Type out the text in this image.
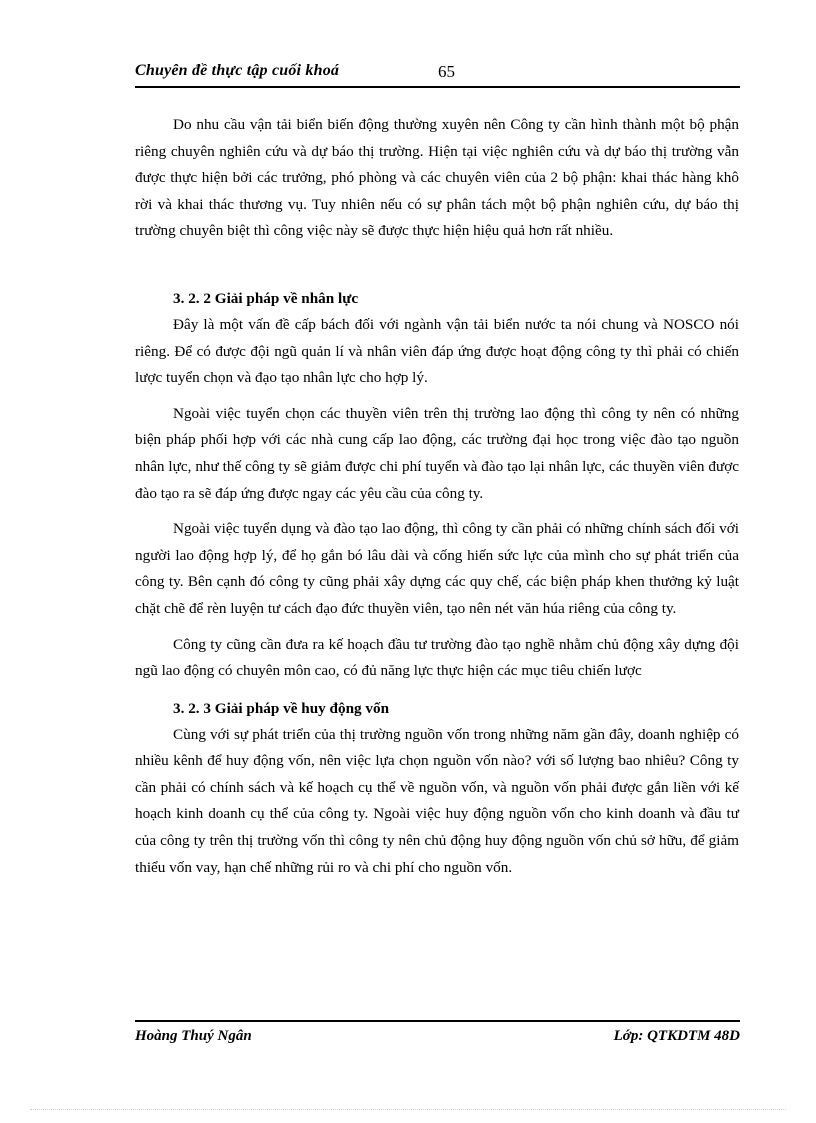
Chuyên đề thực tập cuối khoá	65

Do nhu cầu vận tải biển biến động thường xuyên nên Công ty cần hình thành một bộ phận riêng chuyên nghiên cứu và dự báo thị trường. Hiện tại việc nghiên cứu và dự báo thị trường vẫn được thực hiện bởi các trưởng, phó phòng và các chuyên viên của 2 bộ phận: khai thác hàng khô rời và khai thác thương vụ. Tuy nhiên nếu có sự phân tách một bộ phận nghiên cứu, dự báo thị trường chuyên biệt thì công việc này sẽ được thực hiện hiệu quả hơn rất nhiều.

3. 2. 2 Giải pháp về nhân lực

Đây là một vấn đề cấp bách đối với ngành vận tải biển nước ta nói chung và NOSCO nói riêng. Để có được đội ngũ quản lí và nhân viên đáp ứng được hoạt động công ty thì phải có chiến lược tuyển chọn và đạo tạo nhân lực cho hợp lý.

Ngoài việc tuyển chọn các thuyền viên trên thị trường lao động thì công ty nên có những biện pháp phối hợp với các nhà cung cấp lao động, các trường đại học trong việc đào tạo nguồn nhân lực, như thế công ty sẽ giảm được chi phí tuyển và đào tạo lại nhân lực, các thuyền viên được đào tạo ra sẽ đáp ứng được ngay các yêu cầu của công ty.

Ngoài việc tuyển dụng và đào tạo lao động, thì công ty cần phải có những chính sách đối với người lao động hợp lý, để họ gắn bó lâu dài và cống hiến sức lực của mình cho sự phát triển của công ty. Bên cạnh đó công ty cũng phải xây dựng các quy chế, các biện pháp khen thưởng kỷ luật chặt chẽ để rèn luyện tư cách đạo đức thuyền viên, tạo nên nét văn húa riêng của công ty.

Công ty cũng cần đưa ra kế hoạch đầu tư trường đào tạo nghề nhằm chủ động xây dựng đội ngũ lao động có chuyên môn cao, có đủ năng lực thực hiện các mục tiêu chiến lược

3. 2. 3 Giải pháp về huy động vốn

Cùng với sự phát triển của thị trường nguồn vốn trong những năm gần đây, doanh nghiệp có nhiều kênh để huy động vốn, nên việc lựa chọn nguồn vốn nào? với số lượng bao nhiêu? Công ty cần phải có chính sách và kế hoạch cụ thể về nguồn vốn, và nguồn vốn phải được gắn liền với kế hoạch kinh doanh cụ thể của công ty. Ngoài việc huy động nguồn vốn cho kinh doanh và đầu tư của công ty trên thị trường vốn thì công ty nên chủ động huy động nguồn vốn chủ sở hữu, để giảm thiểu vốn vay, hạn chế những rủi ro và chi phí cho nguồn vốn.

Hoàng Thuý Ngân	Lớp: QTKDTM 48D
